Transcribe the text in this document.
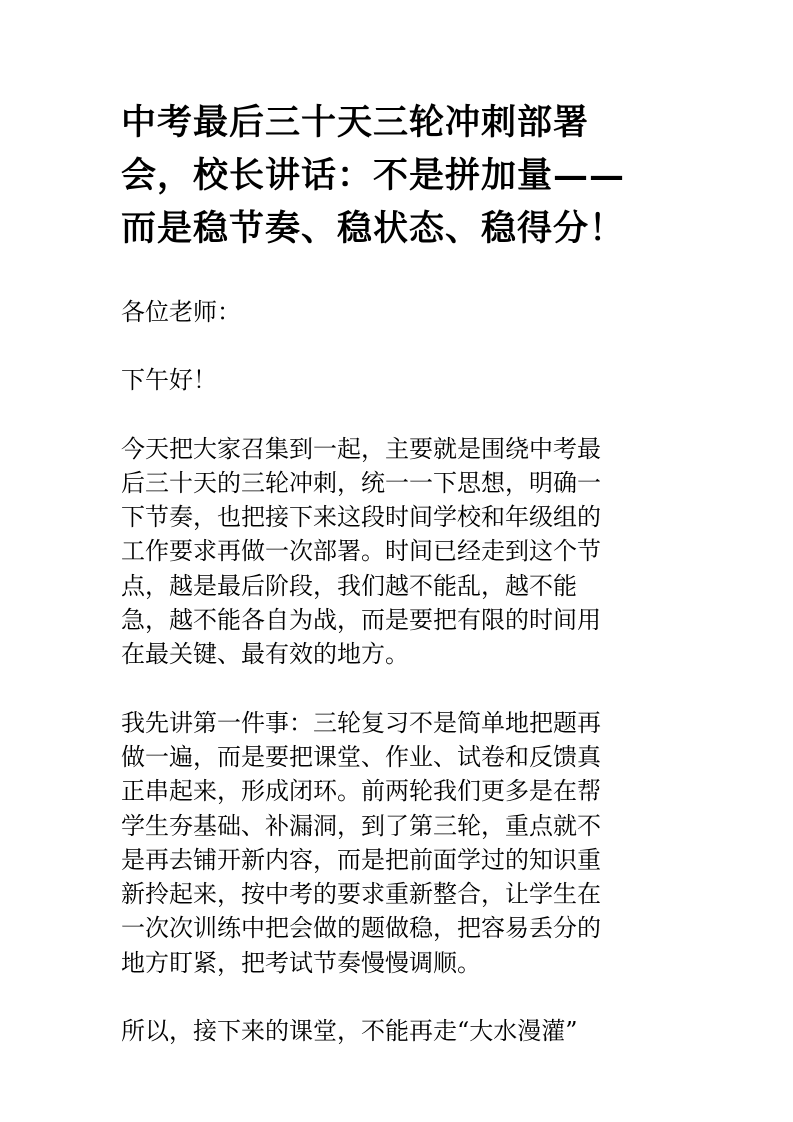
中考最后三十天三轮冲刺部署
会，校长讲话：不是拼加量——
而是稳节奏、稳状态、稳得分！

各位老师：

下午好！

今天把大家召集到一起，主要就是围绕中考最
后三十天的三轮冲刺，统一一下思想，明确一
下节奏，也把接下来这段时间学校和年级组的
工作要求再做一次部署。时间已经走到这个节
点，越是最后阶段，我们越不能乱，越不能
急，越不能各自为战，而是要把有限的时间用
在最关键、最有效的地方。

我先讲第一件事：三轮复习不是简单地把题再
做一遍，而是要把课堂、作业、试卷和反馈真
正串起来，形成闭环。前两轮我们更多是在帮
学生夯基础、补漏洞，到了第三轮，重点就不
是再去铺开新内容，而是把前面学过的知识重
新拎起来，按中考的要求重新整合，让学生在
一次次训练中把会做的题做稳，把容易丢分的
地方盯紧，把考试节奏慢慢调顺。

所以，接下来的课堂，不能再走“大水漫灌”
